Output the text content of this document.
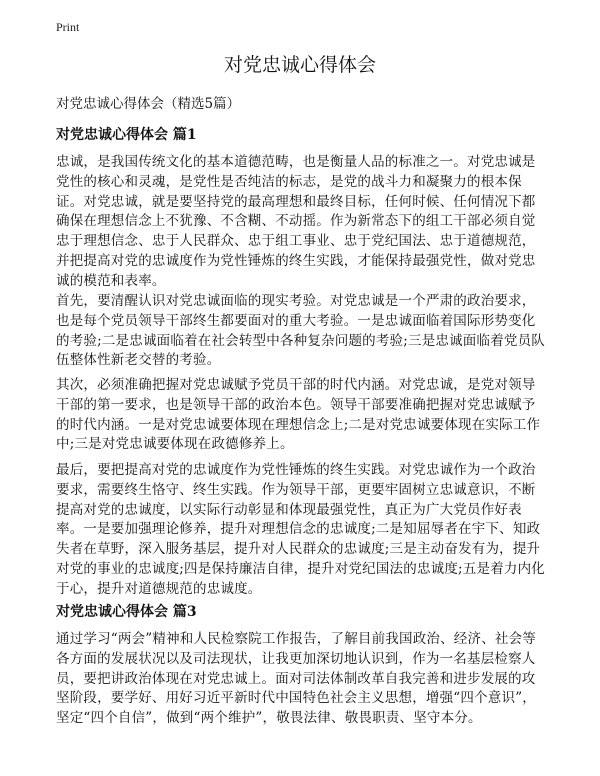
Print
对党忠诚心得体会

对党忠诚心得体会（精选5篇）

对党忠诚心得体会 篇1

忠诚，是我国传统文化的基本道德范畴，也是衡量人品的标准之一。对党忠诚是党性的核心和灵魂，是党性是否纯洁的标志，是党的战斗力和凝聚力的根本保证。对党忠诚，就是要坚持党的最高理想和最终目标，任何时候、任何情况下都确保在理想信念上不犹豫、不含糊、不动摇。作为新常态下的组工干部必须自觉忠于理想信念、忠于人民群众、忠于组工事业、忠于党纪国法、忠于道德规范，并把提高对党的忠诚度作为党性锤炼的终生实践，才能保持最强党性，做对党忠诚的模范和表率。

首先，要清醒认识对党忠诚面临的现实考验。对党忠诚是一个严肃的政治要求，也是每个党员领导干部终生都要面对的重大考验。一是忠诚面临着国际形势变化的考验;二是忠诚面临着在社会转型中各种复杂问题的考验;三是忠诚面临着党员队伍整体性新老交替的考验。

其次，必须准确把握对党忠诚赋予党员干部的时代内涵。对党忠诚，是党对领导干部的第一要求，也是领导干部的政治本色。领导干部要准确把握对党忠诚赋予的时代内涵。一是对党忠诚要体现在理想信念上;二是对党忠诚要体现在实际工作中;三是对党忠诚要体现在政德修养上。

最后，要把提高对党的忠诚度作为党性锤炼的终生实践。对党忠诚作为一个政治要求，需要终生恪守、终生实践。作为领导干部，更要牢固树立忠诚意识，不断提高对党的忠诚度，以实际行动彰显和体现最强党性，真正为广大党员作好表率。一是要加强理论修养，提升对理想信念的忠诚度;二是知屈辱者在宇下、知政失者在草野，深入服务基层，提升对人民群众的忠诚度;三是主动奋发有为，提升对党的事业的忠诚度;四是保持廉洁自律，提升对党纪国法的忠诚度;五是着力内化于心，提升对道德规范的忠诚度。

对党忠诚心得体会 篇3

通过学习“两会”精神和人民检察院工作报告，了解目前我国政治、经济、社会等各方面的发展状况以及司法现状，让我更加深切地认识到，作为一名基层检察人员，要把讲政治体现在对党忠诚上。面对司法体制改革自我完善和进步发展的攻坚阶段，要学好、用好习近平新时代中国特色社会主义思想，增强“四个意识”，坚定“四个自信”，做到“两个维护”，敬畏法律、敬畏职责、坚守本分。
